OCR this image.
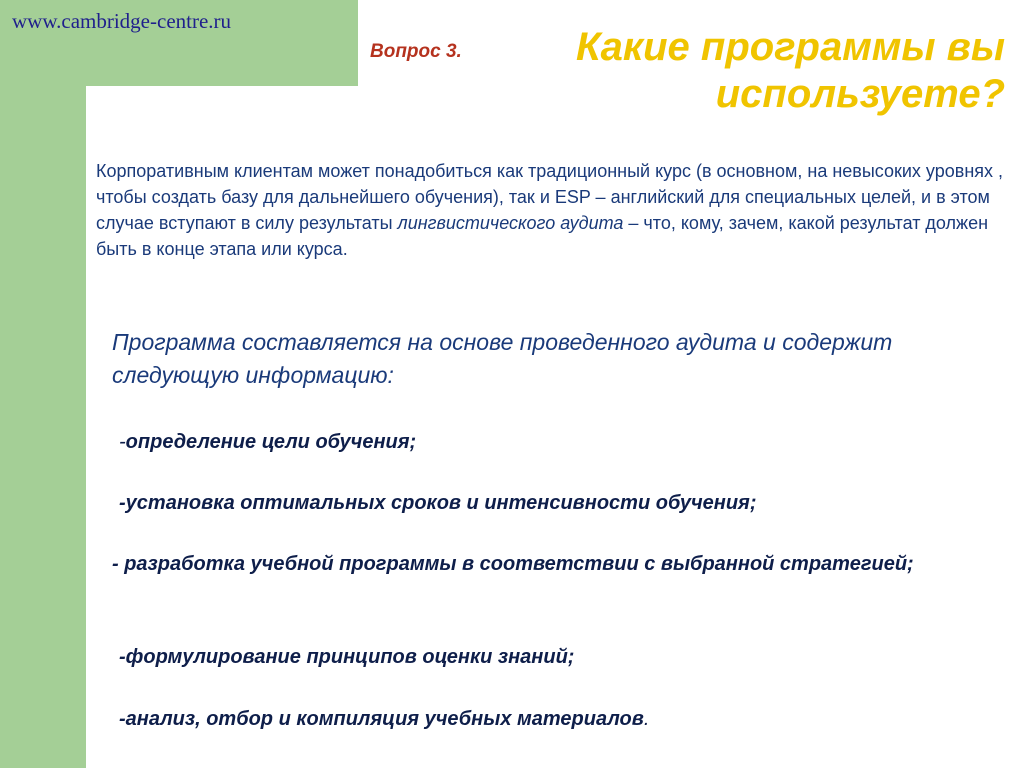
www.cambridge-centre.ru
Вопрос 3.	Какие программы вы используете?

Корпоративным клиентам может понадобиться как традиционный курс (в основном, на невысоких уровнях , чтобы создать базу для дальнейшего обучения), так и ESP – английский для специальных целей, и в этом случае вступают в силу результаты лингвистического аудита – что, кому, зачем, какой результат должен быть в конце этапа или курса.

Программа составляется на основе проведенного аудита и содержит следующую информацию:

-определение цели обучения;

-установка оптимальных сроков и интенсивности обучения;

- разработка учебной программы в соответствии с выбранной стратегией;

-формулирование принципов оценки знаний;

-анализ, отбор и компиляция учебных материалов.
